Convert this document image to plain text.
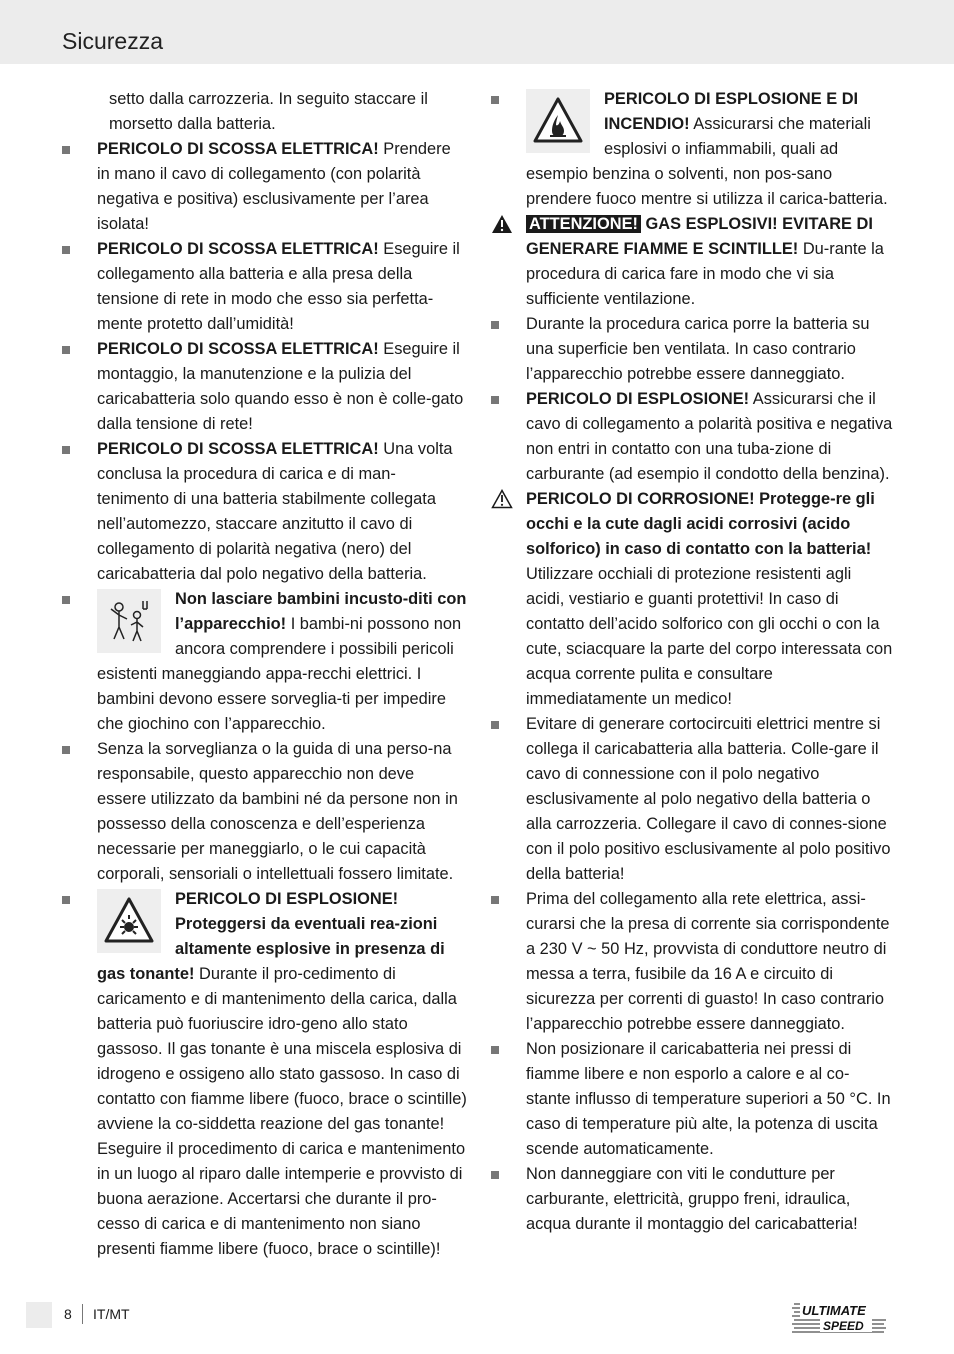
Sicurezza
setto dalla carrozzeria. In seguito staccare il morsetto dalla batteria.
PERICOLO DI SCOSSA ELETTRICA! Prendere in mano il cavo di collegamento (con polarità negativa e positiva) esclusivamente per l’area isolata!
PERICOLO DI SCOSSA ELETTRICA! Eseguire il collegamento alla batteria e alla presa della tensione di rete in modo che esso sia perfetta-mente protetto dall’umidità!
PERICOLO DI SCOSSA ELETTRICA! Eseguire il montaggio, la manutenzione e la pulizia del caricabatteria solo quando esso è non è colle-gato dalla tensione di rete!
PERICOLO DI SCOSSA ELETTRICA! Una volta conclusa la procedura di carica e di man-tenimento di una batteria stabilmente collegata nell’automezzo, staccare anzitutto il cavo di collegamento di polarità negativa (nero) del caricabatteria dal polo negativo della batteria.
Non lasciare bambini incusto-diti con l’apparecchio! I bambi-ni possono non ancora comprendere i possibili pericoli esistenti maneggiando appa-recchi elettrici. I bambini devono essere sorveglia-ti per impedire che giochino con l’apparecchio.
Senza la sorveglianza o la guida di una perso-na responsabile, questo apparecchio non deve essere utilizzato da bambini né da persone non in possesso della conoscenza e dell’esperienza necessarie per maneggiarlo, o le cui capacità corporali, sensoriali o intellettuali fossero limitate.
PERICOLO DI ESPLOSIONE! Proteggersi da eventuali rea-zioni altamente esplosive in presenza di gas tonante! Durante il pro-cedimento di caricamento e di mantenimento della carica, dalla batteria può fuoriuscire idro-geno allo stato gassoso. Il gas tonante è una miscela esplosiva di idrogeno e ossigeno allo stato gassoso. In caso di contatto con fiamme libere (fuoco, brace o scintille) avviene la co-siddetta reazione del gas tonante! Eseguire il procedimento di carica e mantenimento in un luogo al riparo dalle intemperie e provvisto di buona aerazione. Accertarsi che durante il pro-cesso di carica e di mantenimento non siano presenti fiamme libere (fuoco, brace o scintille)!
PERICOLO DI ESPLOSIONE E DI INCENDIO! Assicurarsi che materiali esplosivi o infiammabili, quali ad esempio benzina o solventi, non pos-sano prendere fuoco mentre si utilizza il carica-batteria.
ATTENZIONE! GAS ESPLOSIVI! EVITARE DI GENERARE FIAMME E SCINTILLE! Du-rante la procedura di carica fare in modo che vi sia sufficiente ventilazione.
Durante la procedura carica porre la batteria su una superficie ben ventilata. In caso contrario l’apparecchio potrebbe essere danneggiato.
PERICOLO DI ESPLOSIONE! Assicurarsi che il cavo di collegamento a polarità positiva e negativa non entri in contatto con una tuba-zione di carburante (ad esempio il condotto della benzina).
PERICOLO DI CORROSIONE! Protegge-re gli occhi e la cute dagli acidi corrosivi (acido solforico) in caso di contatto con la batteria! Utilizzare occhiali di protezione resistenti agli acidi, vestiario e guanti protettivi! In caso di contatto dell’acido solforico con gli occhi o con la cute, sciacquare la parte del corpo interessata con acqua corrente pulita e consultare immediatamente un medico!
Evitare di generare cortocircuiti elettrici mentre si collega il caricabatteria alla batteria. Colle-gare il cavo di connessione con il polo negativo esclusivamente al polo negativo della batteria o alla carrozzeria. Collegare il cavo di connes-sione con il polo positivo esclusivamente al polo positivo della batteria!
Prima del collegamento alla rete elettrica, assi-curarsi che la presa di corrente sia corrispondente a 230 V ~ 50 Hz, provvista di conduttore neutro di messa a terra, fusibile da 16 A e circuito di sicurezza per correnti di guasto! In caso contrario l’apparecchio potrebbe essere danneggiato.
Non posizionare il caricabatteria nei pressi di fiamme libere e non esporlo a calore e al co-stante influsso di temperature superiori a 50 °C. In caso di temperature più alte, la potenza di uscita scende automaticamente.
Non danneggiare con viti le condutture per carburante, elettricità, gruppo freni, idraulica, acqua durante il montaggio del caricabatteria!
8 IT/MT	ULTIMATE
SPEED
